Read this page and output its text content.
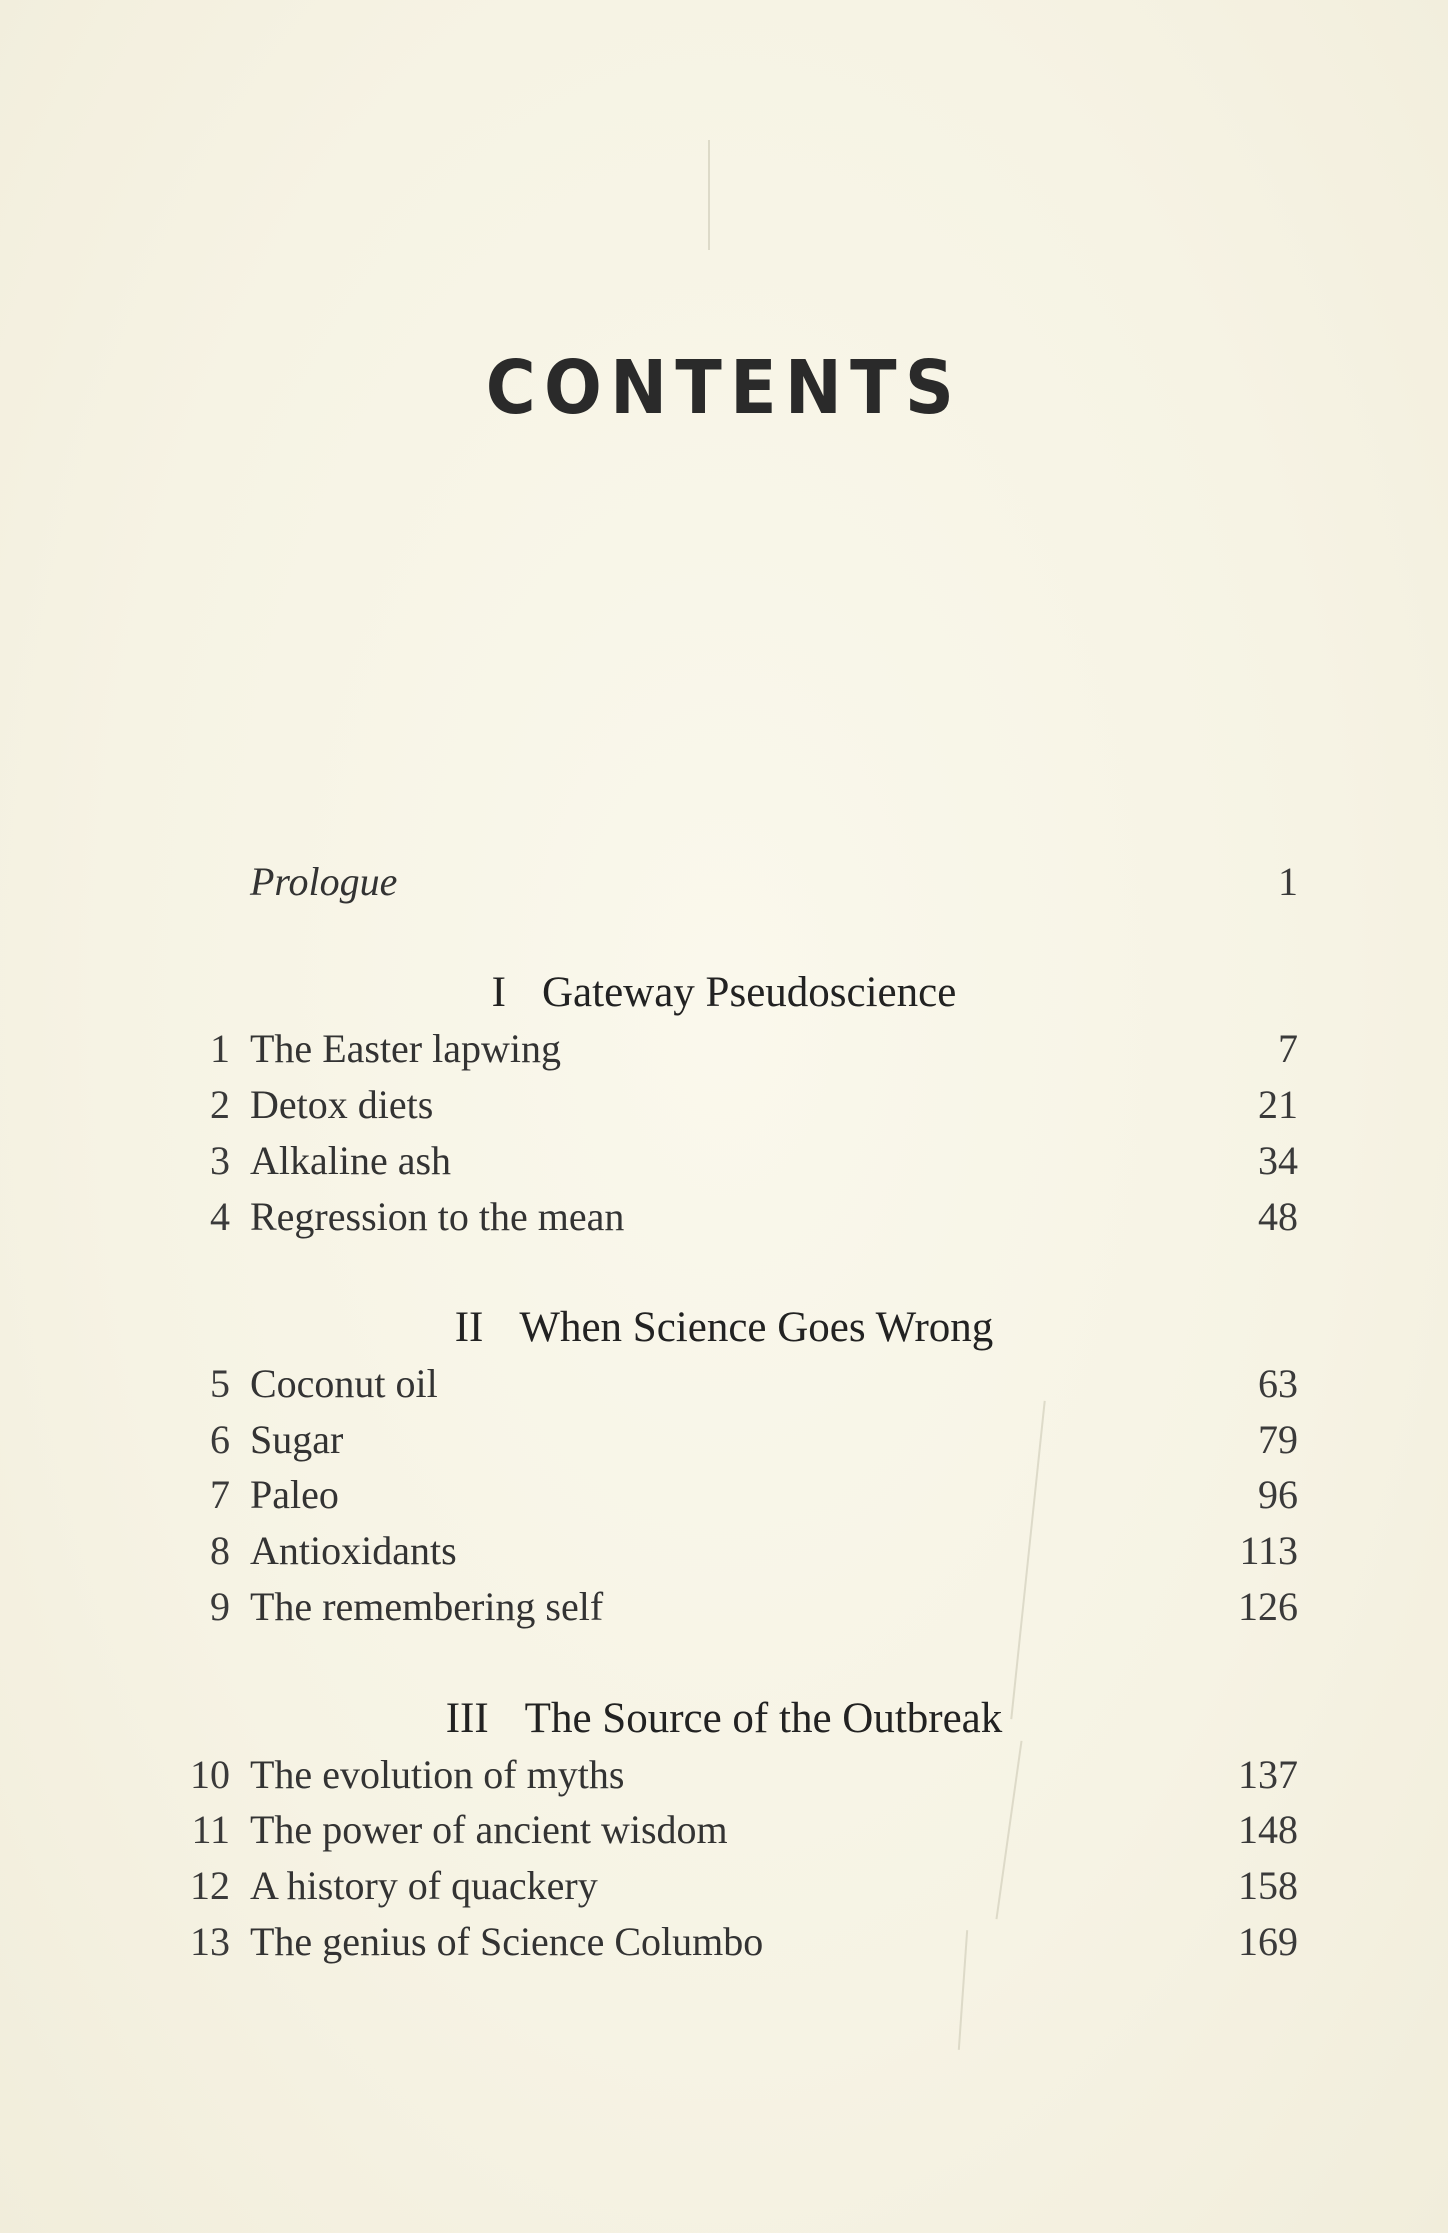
CONTENTS
Prologue	1
I Gateway Pseudoscience
1 The Easter lapwing	7
2 Detox diets	21
3 Alkaline ash	34
4 Regression to the mean	48
II When Science Goes Wrong
5 Coconut oil	63
6 Sugar	79
7 Paleo	96
8 Antioxidants	113
9 The remembering self	126
III The Source of the Outbreak
10 The evolution of myths	137
11 The power of ancient wisdom	148
12 A history of quackery	158
13 The genius of Science Columbo	169
